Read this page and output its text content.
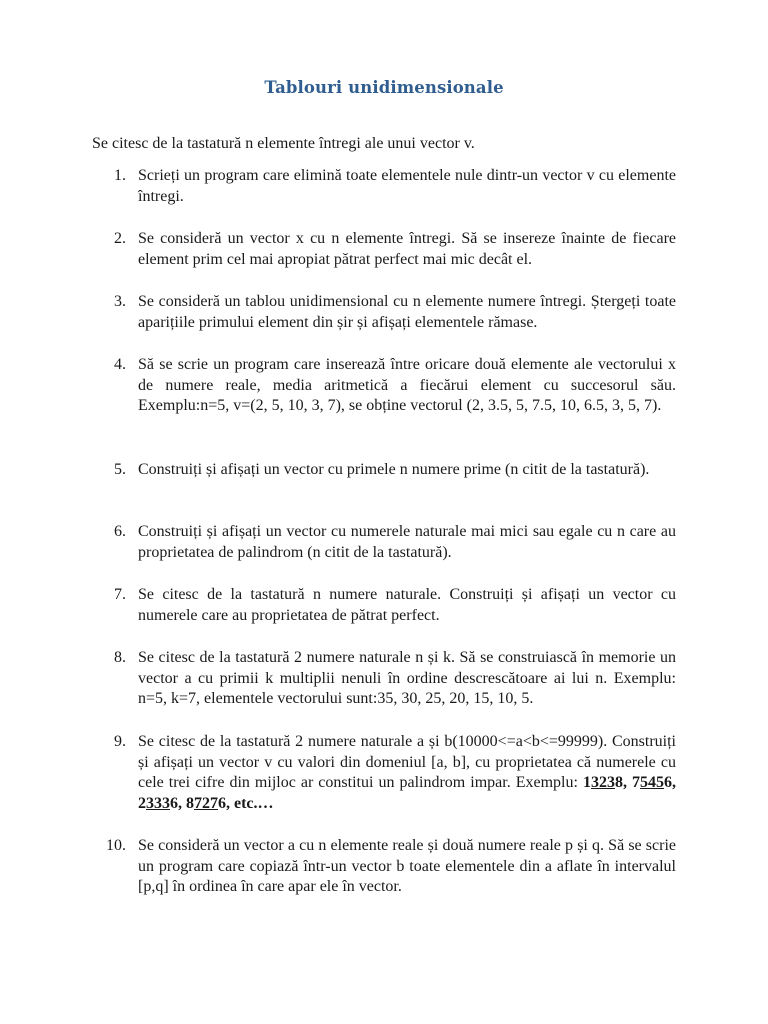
Tablouri unidimensionale

Se citesc de la tastatură n elemente întregi ale unui vector v.

1. Scrieți un program care elimină toate elementele nule dintr-un vector v cu elemente întregi.

2. Se consideră un vector x cu n elemente întregi. Să se insereze înainte de fiecare element prim cel mai apropiat pătrat perfect mai mic decât el.

3. Se consideră un tablou unidimensional cu n elemente numere întregi. Ștergeți toate aparițiile primului element din șir și afișați elementele rămase.

4. Să se scrie un program care inserează între oricare două elemente ale vectorului x de numere reale, media aritmetică a fiecărui element cu succesorul său. Exemplu:n=5, v=(2, 5, 10, 3, 7), se obține vectorul (2, 3.5, 5, 7.5, 10, 6.5, 3, 5, 7).

5. Construiți și afișați un vector cu primele n numere prime (n citit de la tastatură).

6. Construiți și afișați un vector cu numerele naturale mai mici sau egale cu n care au proprietatea de palindrom (n citit de la tastatură).

7. Se citesc de la tastatură n numere naturale. Construiți și afișați un vector cu numerele care au proprietatea de pătrat perfect.

8. Se citesc de la tastatură 2 numere naturale n și k. Să se construiască în memorie un vector a cu primii k multiplii nenuli în ordine descrescătoare ai lui n. Exemplu: n=5, k=7, elementele vectorului sunt:35, 30, 25, 20, 15, 10, 5.

9. Se citesc de la tastatură 2 numere naturale a și b(10000<=a<b<=99999). Construiți și afișați un vector v cu valori din domeniul [a, b], cu proprietatea că numerele cu cele trei cifre din mijloc ar constitui un palindrom impar. Exemplu: 13238, 75456, 23336, 87276, etc.…

10. Se consideră un vector a cu n elemente reale și două numere reale p și q. Să se scrie un program care copiază într-un vector b toate elementele din a aflate în intervalul [p,q] în ordinea în care apar ele în vector.
